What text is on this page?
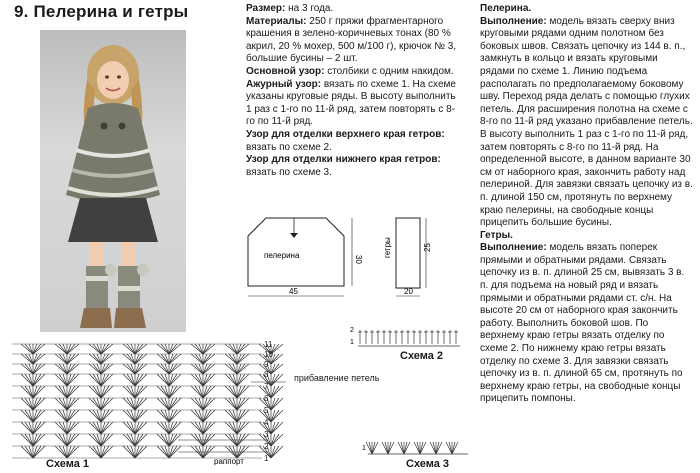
9. Пелерина и гетры	Размер: на 3 года.

Материалы: 250 г пряжи фрагментарного крашения в зелено-коричневых тонах (80 % акрил, 20 % мохер, 500 м/100 г), крючок № 3, большие бусины – 2 шт.

Основной узор: столбики с одним накидом.

Ажурный узор: вязать по схеме 1. На схеме указаны круговые ряды. В высоту выполнить 1 раз с 1-го по 11-й ряд, затем повторять с 8-го по 11-й ряд.

Узор для отделки верхнего края гетров: вязать по схеме 2.

Узор для отделки нижнего края гетров: вязать по схеме 3.

Пелерина.

Выполнение: модель вязать сверху вниз круговыми рядами одним полотном без боковых швов. Связать цепочку из 144 в. п., замкнуть в кольцо и вязать круговыми рядами по схеме 1. Линию подъема располагать по предполагаемому боковому шву. Переход ряда делать с помощью глухих петель. Для расширения полотна на схеме с 8-го по 11-й ряд указано прибавление петель. В высоту выполнить 1 раз с 1-го по 11-й ряд, затем повторять с 8-го по 11-й ряд. На определенной высоте, в данном варианте 30 см от наборного края, закончить работу над пелериной. Для завязки связать цепочку из в. п. длиной 150 см, протянуть по верхнему краю пелерины, на свободные концы прицепить большие бусины.

Гетры.

Выполнение: модель вязать поперек прямыми и обратными рядами. Связать цепочку из в. п. длиной 25 см, вывязать 3 в. п. для подъема на новый ряд и вязать прямыми и обратными рядами ст. с/н. На высоте 20 см от наборного края закончить работу. Выполнить боковой шов. По верхнему краю гетры вязать отделку по схеме 2. По нижнему краю гетры вязать отделку по схеме 3. Для завязки связать цепочку из в. п. длиной 65 см, протянуть по верхнему краю гетры, на свободные концы прицепить помпоны.

пелерина	30
45
гетры	25
20
11
10
9
8
7
6
5
4
3
2
1
раппорт
прибавление петель
Схема 1
2
1
Схема 2
1
Схема 3
